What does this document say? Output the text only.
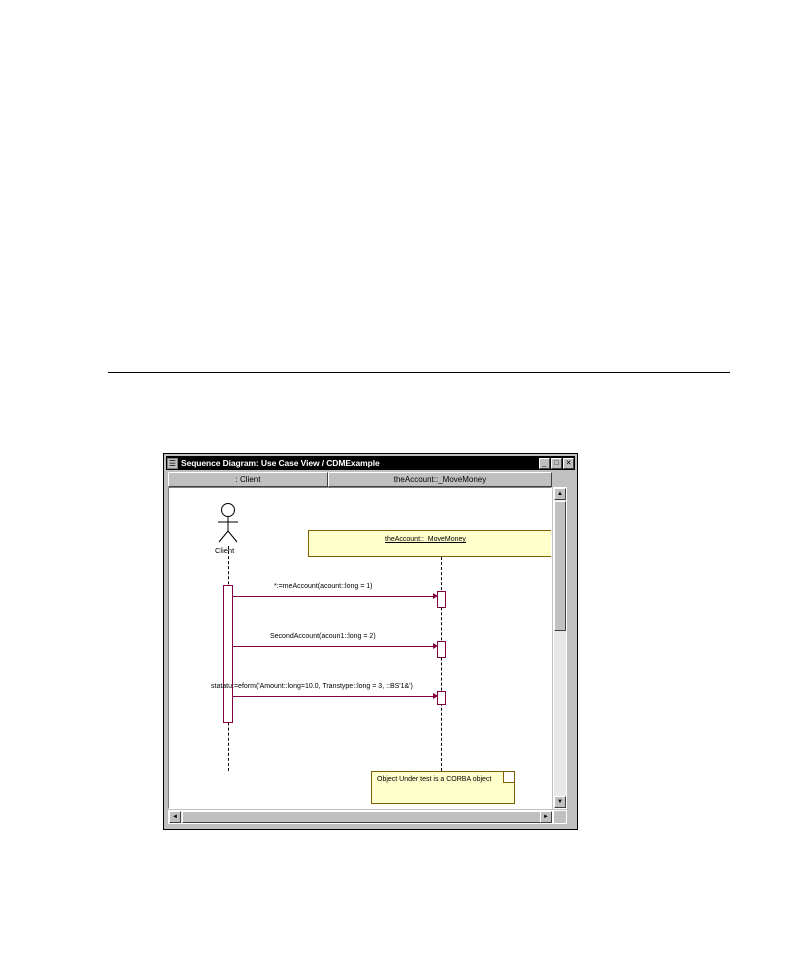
☰ Sequence Diagram: Use Case View / CDMExample	_	□ ✕
: Client	theAccount::_MoveMoney
Client
theAccount::_MoveMoney
*:=meAccount(acount::long = 1)
SecondAccount(acoun1::long = 2)
statatu:=eform('Amount::long=10.0, Transtype::long = 3, ::BS'1&')
Object Under test is a CORBA object
▲
▼
◄	►
